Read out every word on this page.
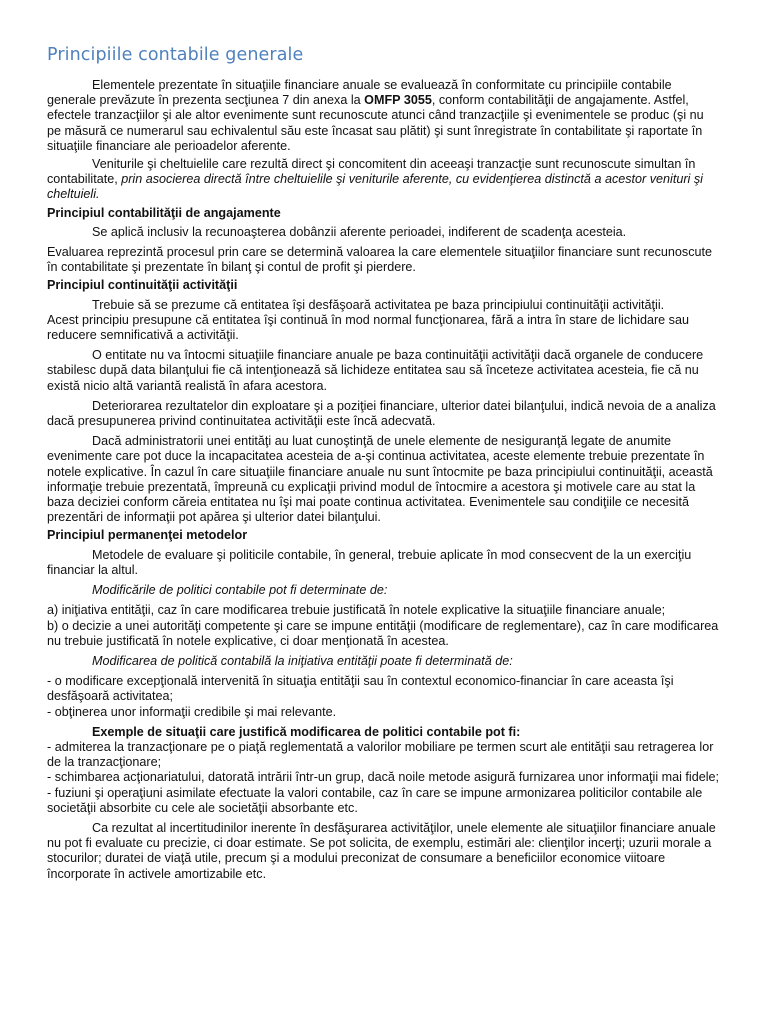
Principiile contabile generale

Elementele prezentate în situaţiile financiare anuale se evaluează în conformitate cu principiile contabile generale prevăzute în prezenta secţiunea 7 din anexa la OMFP 3055, conform contabilităţii de angajamente. Astfel, efectele tranzacţiilor şi ale altor evenimente sunt recunoscute atunci când tranzacţiile şi evenimentele se produc (şi nu pe măsură ce numerarul sau echivalentul său este încasat sau plătit) şi sunt înregistrate în contabilitate şi raportate în situaţiile financiare ale perioadelor aferente.

Veniturile şi cheltuielile care rezultă direct şi concomitent din aceeaşi tranzacţie sunt recunoscute simultan în contabilitate, prin asocierea directă între cheltuielile şi veniturile aferente, cu evidenţierea distinctă a acestor venituri şi cheltuieli.

Principiul contabilităţii de angajamente

Se aplică inclusiv la recunoaşterea dobânzii aferente perioadei, indiferent de scadenţa acesteia.

Evaluarea reprezintă procesul prin care se determină valoarea la care elementele situaţiilor financiare sunt recunoscute în contabilitate şi prezentate în bilanţ şi contul de profit şi pierdere.

Principiul continuităţii activităţii

Trebuie să se prezume că entitatea îşi desfăşoară activitatea pe baza principiului continuităţii activităţii.

Acest principiu presupune că entitatea îşi continuă în mod normal funcţionarea, fără a intra în stare de lichidare sau reducere semnificativă a activităţii.

O entitate nu va întocmi situaţiile financiare anuale pe baza continuităţii activităţii dacă organele de conducere stabilesc după data bilanţului fie că intenţionează să lichideze entitatea sau să înceteze activitatea acesteia, fie că nu există nicio altă variantă realistă în afara acestora.

Deteriorarea rezultatelor din exploatare şi a poziţiei financiare, ulterior datei bilanţului, indică nevoia de a analiza dacă presupunerea privind continuitatea activităţii este încă adecvată.

Dacă administratorii unei entităţi au luat cunoştinţă de unele elemente de nesiguranţă legate de anumite evenimente care pot duce la incapacitatea acesteia de a-şi continua activitatea, aceste elemente trebuie prezentate în notele explicative. În cazul în care situaţiile financiare anuale nu sunt întocmite pe baza principiului continuităţii, această informaţie trebuie prezentată, împreună cu explicaţii privind modul de întocmire a acestora şi motivele care au stat la baza deciziei conform căreia entitatea nu îşi mai poate continua activitatea. Evenimentele sau condiţiile ce necesită prezentări de informaţii pot apărea şi ulterior datei bilanţului.

Principiul permanenţei metodelor

Metodele de evaluare şi politicile contabile, în general, trebuie aplicate în mod consecvent de la un exerciţiu financiar la altul.

Modificările de politici contabile pot fi determinate de:

a) iniţiativa entităţii, caz în care modificarea trebuie justificată în notele explicative la situaţiile financiare anuale;

b) o decizie a unei autorităţi competente şi care se impune entităţii (modificare de reglementare), caz în care modificarea nu trebuie justificată în notele explicative, ci doar menţionată în acestea.

Modificarea de politică contabilă la iniţiativa entităţii poate fi determinată de:

- o modificare excepţională intervenită în situaţia entităţii sau în contextul economico-financiar în care aceasta îşi desfăşoară activitatea;

- obţinerea unor informaţii credibile şi mai relevante.

Exemple de situaţii care justifică modificarea de politici contabile pot fi:

- admiterea la tranzacţionare pe o piaţă reglementată a valorilor mobiliare pe termen scurt ale entităţii sau retragerea lor de la tranzacţionare;

- schimbarea acţionariatului, datorată intrării într-un grup, dacă noile metode asigură furnizarea unor informaţii mai fidele;

- fuziuni şi operaţiuni asimilate efectuate la valori contabile, caz în care se impune armonizarea politicilor contabile ale societăţii absorbite cu cele ale societăţii absorbante etc.

Ca rezultat al incertitudinilor inerente în desfăşurarea activităţilor, unele elemente ale situaţiilor financiare anuale nu pot fi evaluate cu precizie, ci doar estimate. Se pot solicita, de exemplu, estimări ale: clienţilor incerţi; uzurii morale a stocurilor; duratei de viaţă utile, precum şi a modului preconizat de consumare a beneficiilor economice viitoare încorporate în activele amortizabile etc.
